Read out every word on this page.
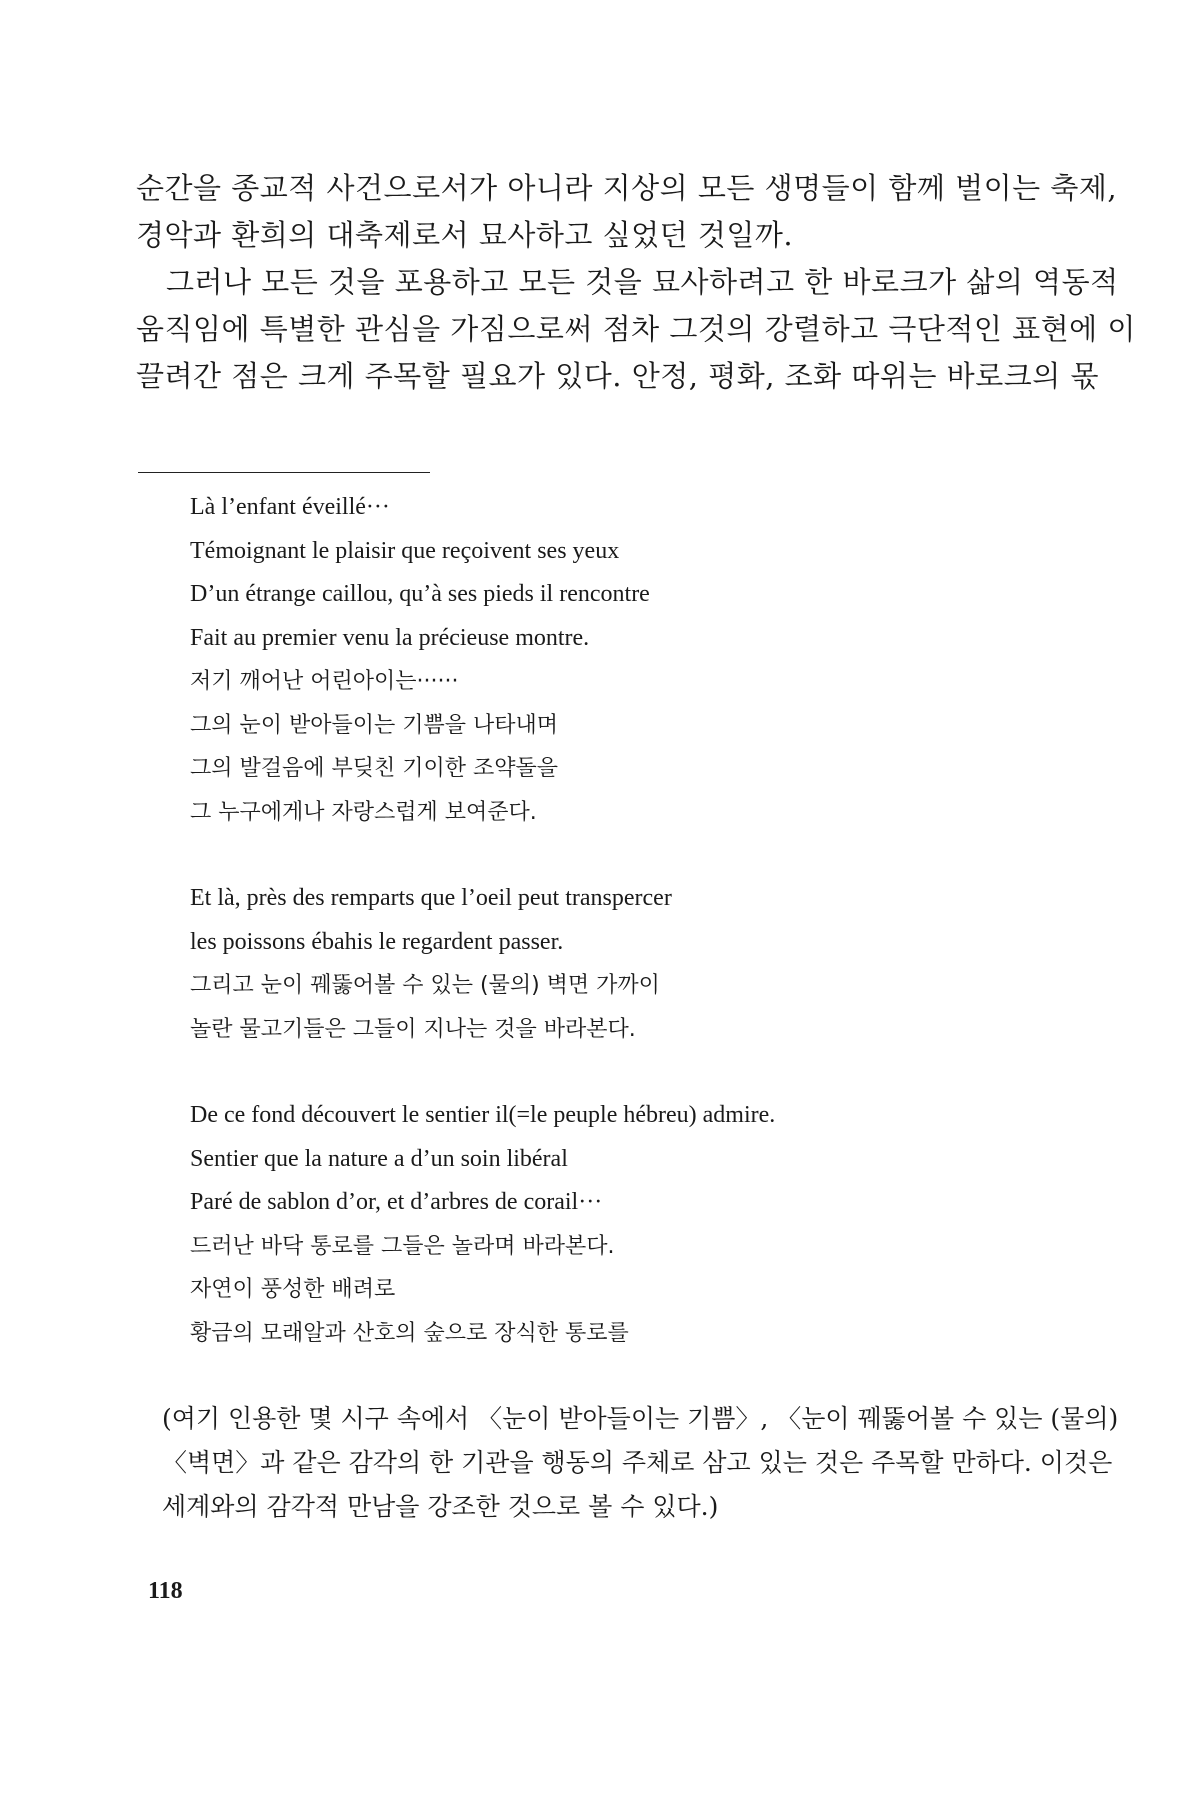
순간을 종교적 사건으로서가 아니라 지상의 모든 생명들이 함께 벌이는 축제,
경악과 환희의 대축제로서 묘사하고 싶었던 것일까.
그러나 모든 것을 포용하고 모든 것을 묘사하려고 한 바로크가 삶의 역동적
움직임에 특별한 관심을 가짐으로써 점차 그것의 강렬하고 극단적인 표현에 이
끌려간 점은 크게 주목할 필요가 있다. 안정, 평화, 조화 따위는 바로크의 몫
Là l’enfant éveillé···
Témoignant le plaisir que reçoivent ses yeux
D’un étrange caillou, qu’à ses pieds il rencontre
Fait au premier venu la précieuse montre.
저기 깨어난 어린아이는······
그의 눈이 받아들이는 기쁨을 나타내며
그의 발걸음에 부딪친 기이한 조약돌을
그 누구에게나 자랑스럽게 보여준다.
Et là, près des remparts que l’oeil peut transpercer
les poissons ébahis le regardent passer.
그리고 눈이 꿰뚫어볼 수 있는 (물의) 벽면 가까이
놀란 물고기들은 그들이 지나는 것을 바라본다.
De ce fond découvert le sentier il(=le peuple hébreu) admire.
Sentier que la nature a d’un soin libéral
Paré de sablon d’or, et d’arbres de corail···
드러난 바닥 통로를 그들은 놀라며 바라본다.
자연이 풍성한 배려로
황금의 모래알과 산호의 숲으로 장식한 통로를
(여기 인용한 몇 시구 속에서 〈눈이 받아들이는 기쁨〉, 〈눈이 꿰뚫어볼 수 있는 (물의)
〈벽면〉과 같은 감각의 한 기관을 행동의 주체로 삼고 있는 것은 주목할 만하다. 이것은
세계와의 감각적 만남을 강조한 것으로 볼 수 있다.)
118
